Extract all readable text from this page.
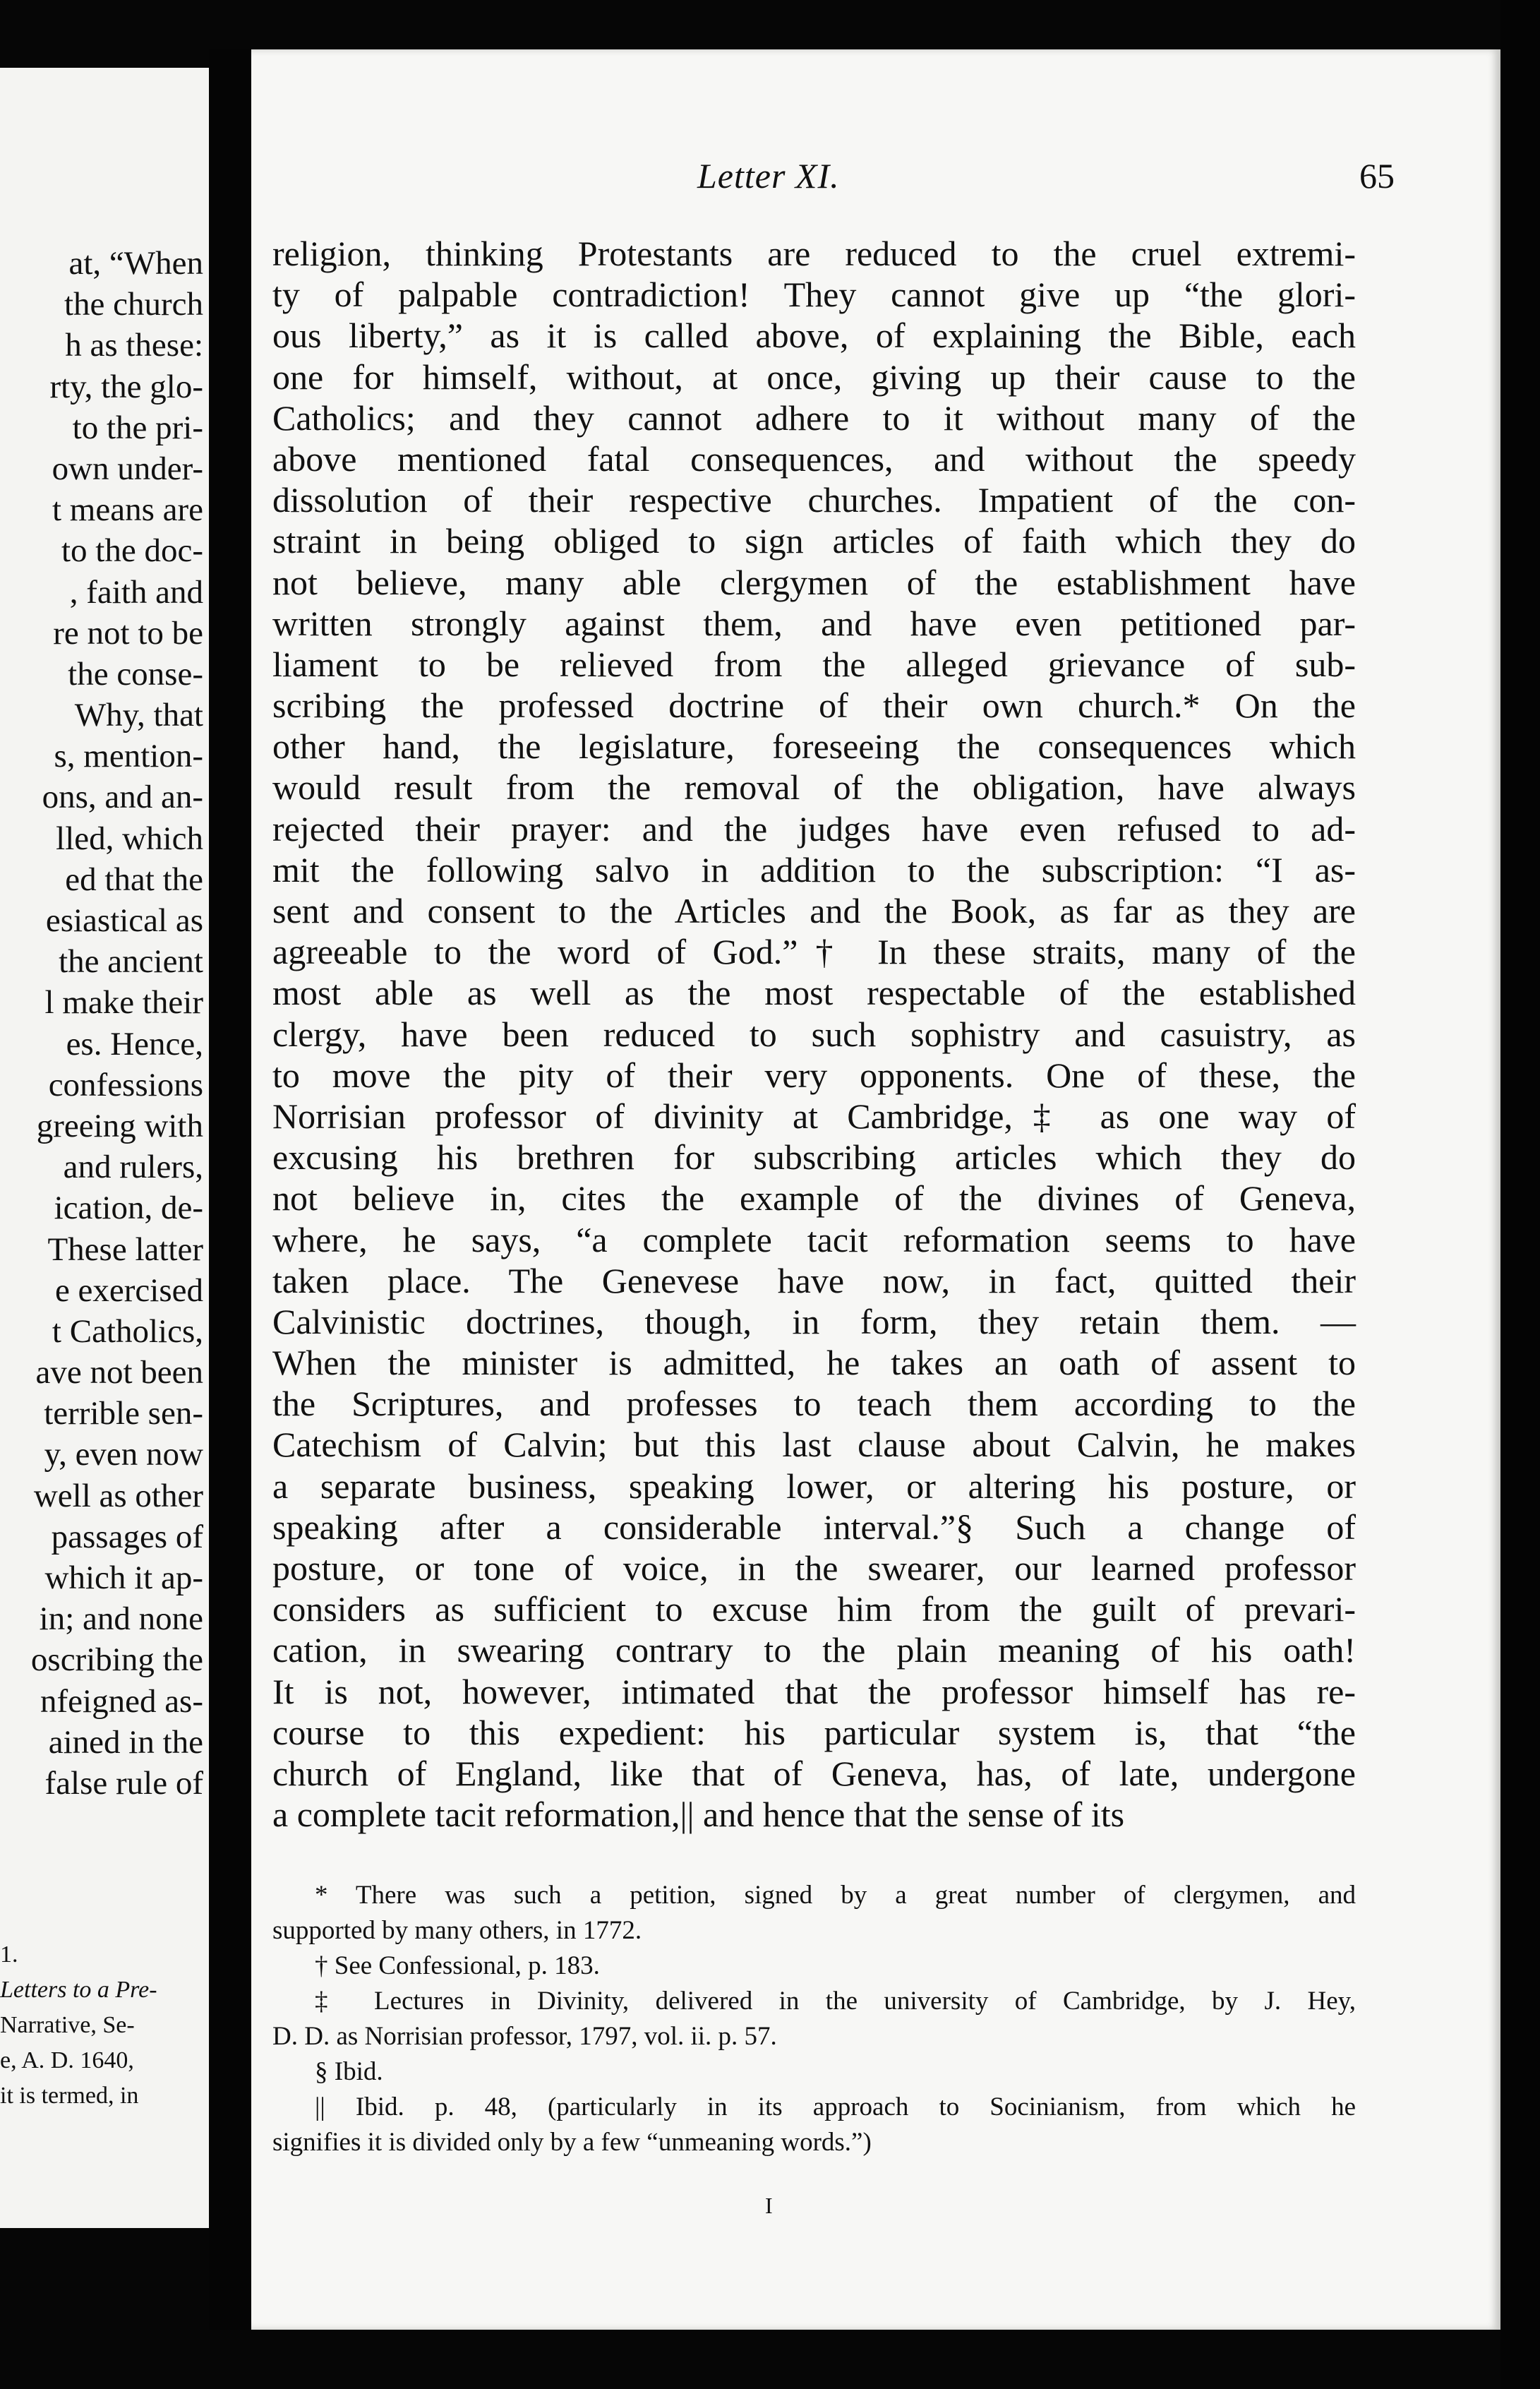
at, “When
the church
h as these:
rty, the glo-
to the pri-
own under-
t means are
to the doc-
, faith and
re not to be
the conse-
Why, that
s, mention-
ons, and an-
lled, which
ed that the
esiastical as
the ancient
l make their
es. Hence,
confessions
greeing with
and rulers,
ication, de-
These latter
e exercised
t Catholics,
ave not been
terrible sen-
y, even now
well as other
passages of
which it ap-
in; and none
oscribing the
nfeigned as-
ained in the
false rule of
1.
Letters to a Pre-
Narrative, Se-
e, A. D. 1640,
it is termed, in
Letter XI.	65
religion, thinking Protestants are reduced to the cruel extremi-
ty of palpable contradiction! They cannot give up “the glori-
ous liberty,” as it is called above, of explaining the Bible, each
one for himself, without, at once, giving up their cause to the
Catholics; and they cannot adhere to it without many of the
above mentioned fatal consequences, and without the speedy
dissolution of their respective churches. Impatient of the con-
straint in being obliged to sign articles of faith which they do
not believe, many able clergymen of the establishment have
written strongly against them, and have even petitioned par-
liament to be relieved from the alleged grievance of sub-
scribing the professed doctrine of their own church.* On the
other hand, the legislature, foreseeing the consequences which
would result from the removal of the obligation, have always
rejected their prayer: and the judges have even refused to ad-
mit the following salvo in addition to the subscription: “I as-
sent and consent to the Articles and the Book, as far as they are
agreeable to the word of God.”† In these straits, many of the
most able as well as the most respectable of the established
clergy, have been reduced to such sophistry and casuistry, as
to move the pity of their very opponents. One of these, the
Norrisian professor of divinity at Cambridge,‡ as one way of
excusing his brethren for subscribing articles which they do
not believe in, cites the example of the divines of Geneva,
where, he says, “a complete tacit reformation seems to have
taken place. The Genevese have now, in fact, quitted their
Calvinistic doctrines, though, in form, they retain them. —
When the minister is admitted, he takes an oath of assent to
the Scriptures, and professes to teach them according to the
Catechism of Calvin; but this last clause about Calvin, he makes
a separate business, speaking lower, or altering his posture, or
speaking after a considerable interval.”§ Such a change of
posture, or tone of voice, in the swearer, our learned professor
considers as sufficient to excuse him from the guilt of prevari-
cation, in swearing contrary to the plain meaning of his oath!
It is not, however, intimated that the professor himself has re-
course to this expedient: his particular system is, that “the
church of England, like that of Geneva, has, of late, undergone
a complete tacit reformation,|| and hence that the sense of its
* There was such a petition, signed by a great number of clergymen, and
supported by many others, in 1772.
† See Confessional, p. 183.
‡ Lectures in Divinity, delivered in the university of Cambridge, by J. Hey,
D. D. as Norrisian professor, 1797, vol. ii. p. 57.
§ Ibid.
|| Ibid. p. 48, (particularly in its approach to Socinianism, from which he
signifies it is divided only by a few “unmeaning words.”)
I
